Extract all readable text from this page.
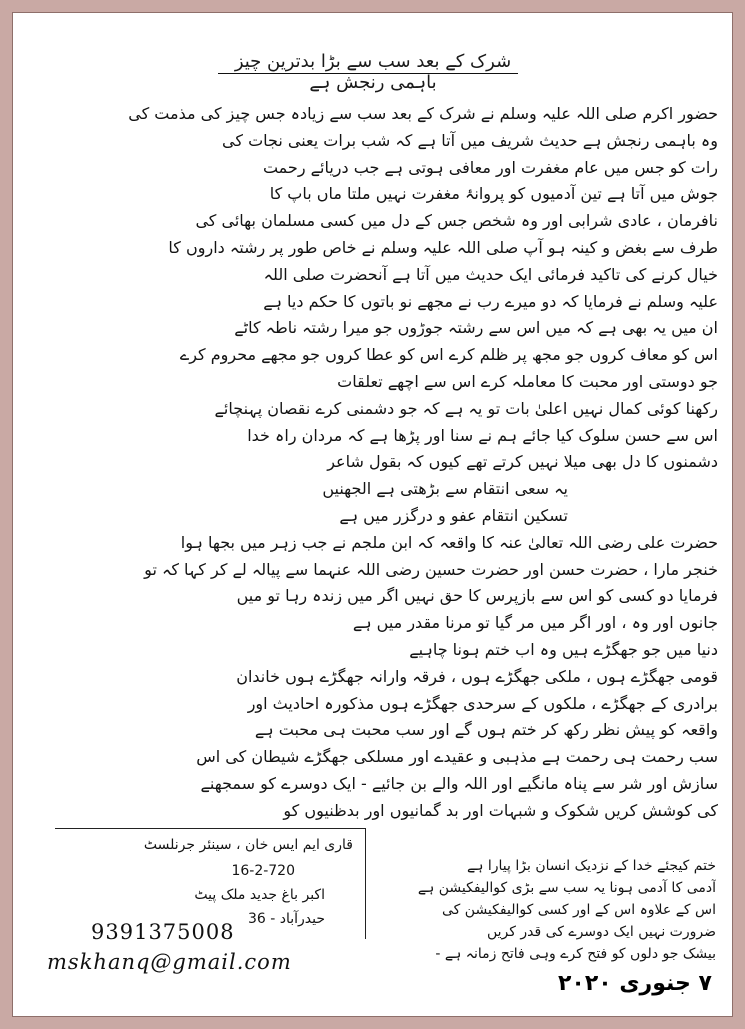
شرک کے بعد سب سے بڑا بدترین چیز باہمی رنجش ہے
حضور اکرم صلی اللہ علیہ وسلم نے شرک کے بعد سب سے زیادہ جس چیز کی مذمت کی
وہ باہمی رنجش ہے حدیث شریف میں آتا ہے کہ شب برات یعنی نجات کی
رات کو جس میں عام مغفرت اور معافی ہوتی ہے جب دریائے رحمت
جوش میں آتا ہے تین آدمیوں کو پروانۂ مغفرت نہیں ملتا ماں باپ کا
نافرمان ، عادی شرابی اور وہ شخص جس کے دل میں کسی مسلمان بھائی کی
طرف سے بغض و کینہ ہو آپ صلی اللہ علیہ وسلم نے خاص طور پر رشتہ داروں کا
خیال کرنے کی تاکید فرمائی ایک حدیث میں آتا ہے آنحضرت صلی اللہ
علیہ وسلم نے فرمایا کہ دو میرے رب نے مجھے نو باتوں کا حکم دیا ہے
ان میں یہ بھی ہے کہ میں اس سے رشتہ جوڑوں جو میرا رشتہ ناطہ کاٹے
اس کو معاف کروں جو مجھ پر ظلم کرے اس کو عطا کروں جو مجھے محروم کرے
جو دوستی اور محبت کا معاملہ کرے اس سے اچھے تعلقات
رکھنا کوئی کمال نہیں اعلیٰ بات تو یہ ہے کہ جو دشمنی کرے نقصان پہنچائے
اس سے حسن سلوک کیا جائے ہم نے سنا اور پڑھا ہے کہ مردان راہ خدا
دشمنوں کا دل بھی میلا نہیں کرتے تھے کیوں کہ بقول شاعر
یہ سعی انتقام سے بڑھتی ہے الجھنیں
تسکین انتقام عفو و درگزر میں ہے
حضرت علی رضی اللہ تعالیٰ عنہ کا واقعہ کہ ابن ملجم نے جب زہر میں بجھا ہوا
خنجر مارا ، حضرت حسن اور حضرت حسین رضی اللہ عنہما سے پیالہ لے کر کہا کہ تو
فرمایا دو کسی کو اس سے بازپرس کا حق نہیں اگر میں زندہ رہا تو میں
جانوں اور وہ ، اور اگر میں مر گیا تو مرنا مقدر میں ہے
دنیا میں جو جھگڑے ہیں وہ اب ختم ہونا چاہیے
قومی جھگڑے ہوں ، ملکی جھگڑے ہوں ، فرقہ وارانہ جھگڑے ہوں خاندان
برادری کے جھگڑے ، ملکوں کے سرحدی جھگڑے ہوں مذکورہ احادیث اور
واقعہ کو پیش نظر رکھ کر ختم ہوں گے اور سب محبت ہی محبت ہے
سب رحمت ہی رحمت ہے مذہبی و عقیدے اور مسلکی جھگڑے شیطان کی اس
سازش اور شر سے پناہ مانگیے اور اللہ والے بن جائیے - ایک دوسرے کو سمجھنے
کی کوشش کریں شکوک و شبہات اور بد گمانیوں اور بدظنیوں کو
قاری ایم ایس خان ، سینئر جرنلسٹ
16-2-720
اکبر باغ جدید ملک پیٹ
حیدرآباد - 36
9391375008
mskhanq@gmail.com
ختم کیجئے خدا کے نزدیک انسان بڑا پیارا ہے
آدمی کا آدمی ہونا یہ سب سے بڑی کوالیفکیشن ہے
اس کے علاوہ اس کے اور کسی کوالیفکیشن کی
ضرورت نہیں ایک دوسرے کی قدر کریں
بیشک جو دلوں کو فتح کرے وہی فاتح زمانہ ہے -
۷ جنوری ۲۰۲۰
